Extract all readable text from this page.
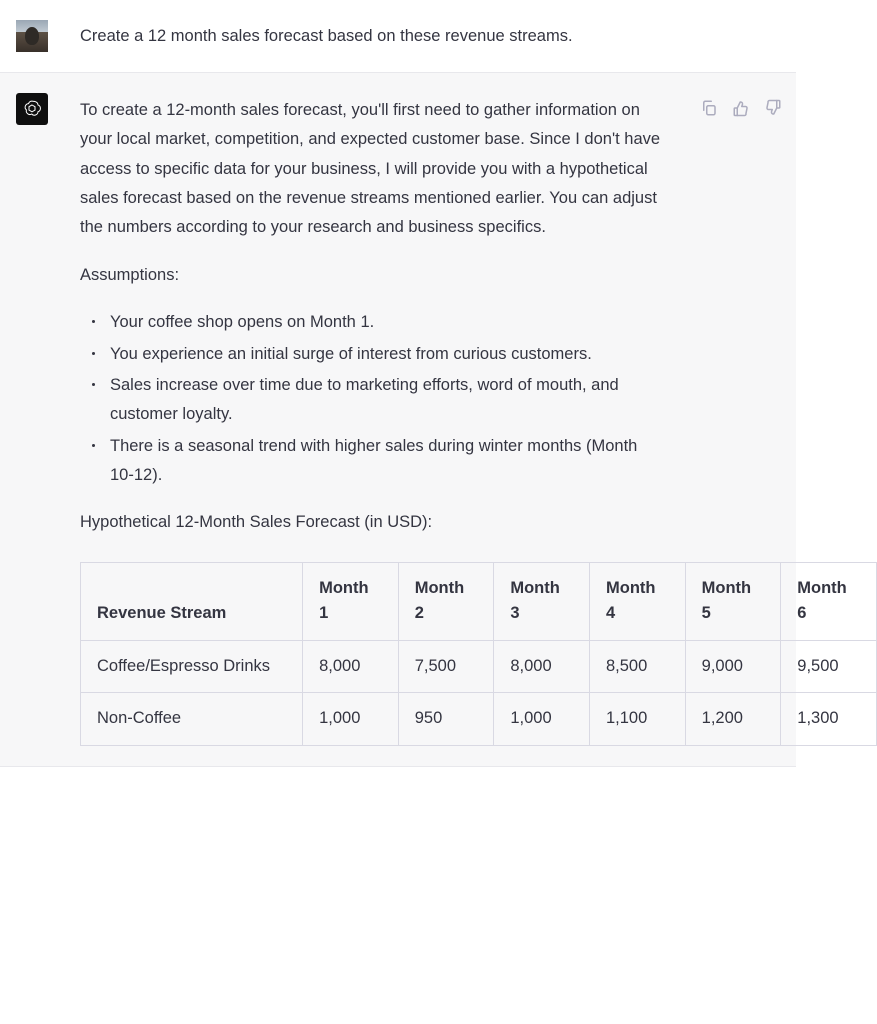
Create a 12 month sales forecast based on these revenue streams.

To create a 12-month sales forecast, you'll first need to gather information on your local market, competition, and expected customer base. Since I don't have access to specific data for your business, I will provide you with a hypothetical sales forecast based on the revenue streams mentioned earlier. You can adjust the numbers according to your research and business specifics.

Assumptions:

Your coffee shop opens on Month 1.
You experience an initial surge of interest from curious customers.
Sales increase over time due to marketing efforts, word of mouth, and customer loyalty.
There is a seasonal trend with higher sales during winter months (Month 10-12).

Hypothetical 12-Month Sales Forecast (in USD):

Revenue Stream	Month 1	Month 2	Month 3	Month 4	Month 5	Month 6
Coffee/Espresso Drinks	8,000	7,500	8,000	8,500	9,000	9,500
Non-Coffee	1,000	950	1,000	1,100	1,200	1,300
